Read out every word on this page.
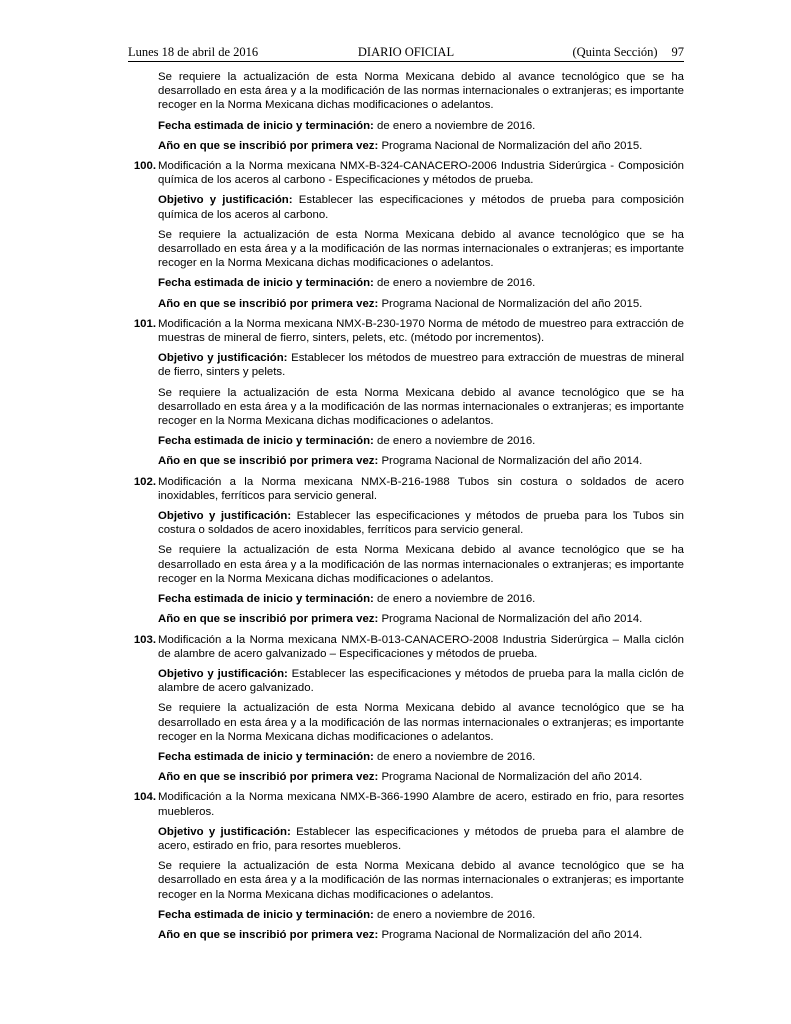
Lunes 18 de abril de 2016	DIARIO OFICIAL	(Quinta Sección) 97

Se requiere la actualización de esta Norma Mexicana debido al avance tecnológico que se ha desarrollado en esta área y a la modificación de las normas internacionales o extranjeras; es importante recoger en la Norma Mexicana dichas modificaciones o adelantos.

Fecha estimada de inicio y terminación: de enero a noviembre de 2016.

Año en que se inscribió por primera vez: Programa Nacional de Normalización del año 2015.

100. Modificación a la Norma mexicana NMX-B-324-CANACERO-2006 Industria Siderúrgica - Composición química de los aceros al carbono - Especificaciones y métodos de prueba.

Objetivo y justificación: Establecer las especificaciones y métodos de prueba para composición química de los aceros al carbono.

Se requiere la actualización de esta Norma Mexicana debido al avance tecnológico que se ha desarrollado en esta área y a la modificación de las normas internacionales o extranjeras; es importante recoger en la Norma Mexicana dichas modificaciones o adelantos.

Fecha estimada de inicio y terminación: de enero a noviembre de 2016.

Año en que se inscribió por primera vez: Programa Nacional de Normalización del año 2015.

101. Modificación a la Norma mexicana NMX-B-230-1970 Norma de método de muestreo para extracción de muestras de mineral de fierro, sinters, pelets, etc. (método por incrementos).

Objetivo y justificación: Establecer los métodos de muestreo para extracción de muestras de mineral de fierro, sinters y pelets.

Se requiere la actualización de esta Norma Mexicana debido al avance tecnológico que se ha desarrollado en esta área y a la modificación de las normas internacionales o extranjeras; es importante recoger en la Norma Mexicana dichas modificaciones o adelantos.

Fecha estimada de inicio y terminación: de enero a noviembre de 2016.

Año en que se inscribió por primera vez: Programa Nacional de Normalización del año 2014.

102. Modificación a la Norma mexicana NMX-B-216-1988 Tubos sin costura o soldados de acero inoxidables, ferríticos para servicio general.

Objetivo y justificación: Establecer las especificaciones y métodos de prueba para los Tubos sin costura o soldados de acero inoxidables, ferríticos para servicio general.

Se requiere la actualización de esta Norma Mexicana debido al avance tecnológico que se ha desarrollado en esta área y a la modificación de las normas internacionales o extranjeras; es importante recoger en la Norma Mexicana dichas modificaciones o adelantos.

Fecha estimada de inicio y terminación: de enero a noviembre de 2016.

Año en que se inscribió por primera vez: Programa Nacional de Normalización del año 2014.

103. Modificación a la Norma mexicana NMX-B-013-CANACERO-2008 Industria Siderúrgica – Malla ciclón de alambre de acero galvanizado – Especificaciones y métodos de prueba.

Objetivo y justificación: Establecer las especificaciones y métodos de prueba para la malla ciclón de alambre de acero galvanizado.

Se requiere la actualización de esta Norma Mexicana debido al avance tecnológico que se ha desarrollado en esta área y a la modificación de las normas internacionales o extranjeras; es importante recoger en la Norma Mexicana dichas modificaciones o adelantos.

Fecha estimada de inicio y terminación: de enero a noviembre de 2016.

Año en que se inscribió por primera vez: Programa Nacional de Normalización del año 2014.

104. Modificación a la Norma mexicana NMX-B-366-1990 Alambre de acero, estirado en frio, para resortes muebleros.

Objetivo y justificación: Establecer las especificaciones y métodos de prueba para el alambre de acero, estirado en frio, para resortes muebleros.

Se requiere la actualización de esta Norma Mexicana debido al avance tecnológico que se ha desarrollado en esta área y a la modificación de las normas internacionales o extranjeras; es importante recoger en la Norma Mexicana dichas modificaciones o adelantos.

Fecha estimada de inicio y terminación: de enero a noviembre de 2016.

Año en que se inscribió por primera vez: Programa Nacional de Normalización del año 2014.
